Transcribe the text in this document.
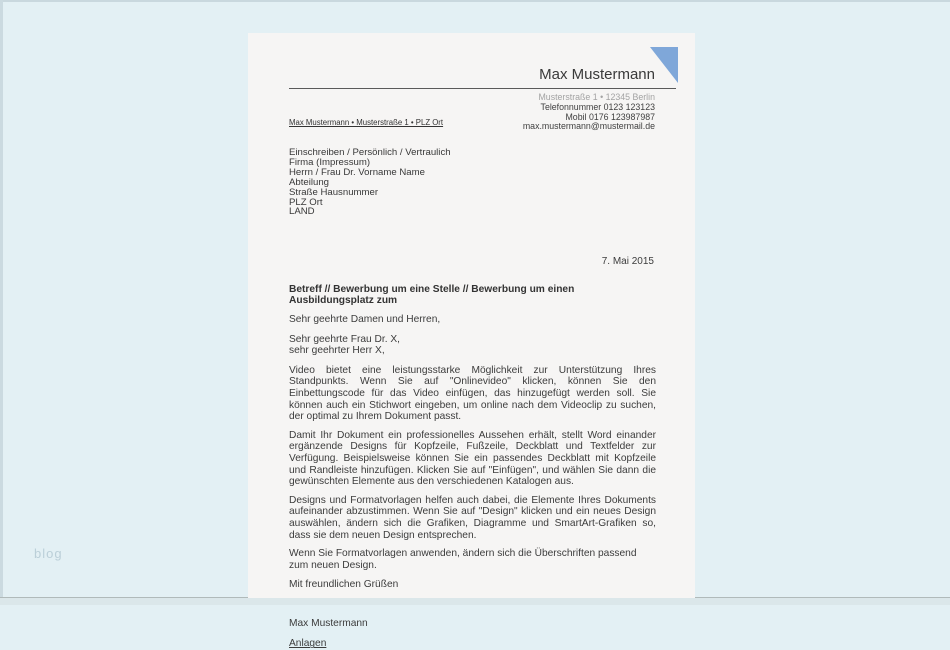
blog
Max Mustermann
Musterstraße 1 • 12345 Berlin
Telefonnummer 0123 123123
Mobil 0176 123987987
max.mustermann@mustermail.de
Max Mustermann • Musterstraße 1 • PLZ Ort
Einschreiben / Persönlich / Vertraulich
Firma (Impressum)
Herrn / Frau Dr. Vorname Name
Abteilung
Straße Hausnummer
PLZ Ort
LAND
7. Mai 2015
Betreff // Bewerbung um eine Stelle // Bewerbung um einen Ausbildungsplatz zum
Sehr geehrte Damen und Herren,
Sehr geehrte Frau Dr. X,
sehr geehrter Herr X,

Video bietet eine leistungsstarke Möglichkeit zur Unterstützung Ihres Standpunkts. Wenn Sie auf "Onlinevideo" klicken, können Sie den Einbettungscode für das Video einfügen, das hinzugefügt werden soll. Sie können auch ein Stichwort eingeben, um online nach dem Videoclip zu suchen, der optimal zu Ihrem Dokument passt.

Damit Ihr Dokument ein professionelles Aussehen erhält, stellt Word einander ergänzende Designs für Kopfzeile, Fußzeile, Deckblatt und Textfelder zur Verfügung. Beispielsweise können Sie ein passendes Deckblatt mit Kopfzeile und Randleiste hinzufügen. Klicken Sie auf "Einfügen", und wählen Sie dann die gewünschten Elemente aus den verschiedenen Katalogen aus.

Designs und Formatvorlagen helfen auch dabei, die Elemente Ihres Dokuments aufeinander abzustimmen. Wenn Sie auf "Design" klicken und ein neues Design auswählen, ändern sich die Grafiken, Diagramme und SmartArt-Grafiken so, dass sie dem neuen Design entsprechen.

Wenn Sie Formatvorlagen anwenden, ändern sich die Überschriften passend zum neuen Design.

Mit freundlichen Grüßen
Max Mustermann
Anlagen
